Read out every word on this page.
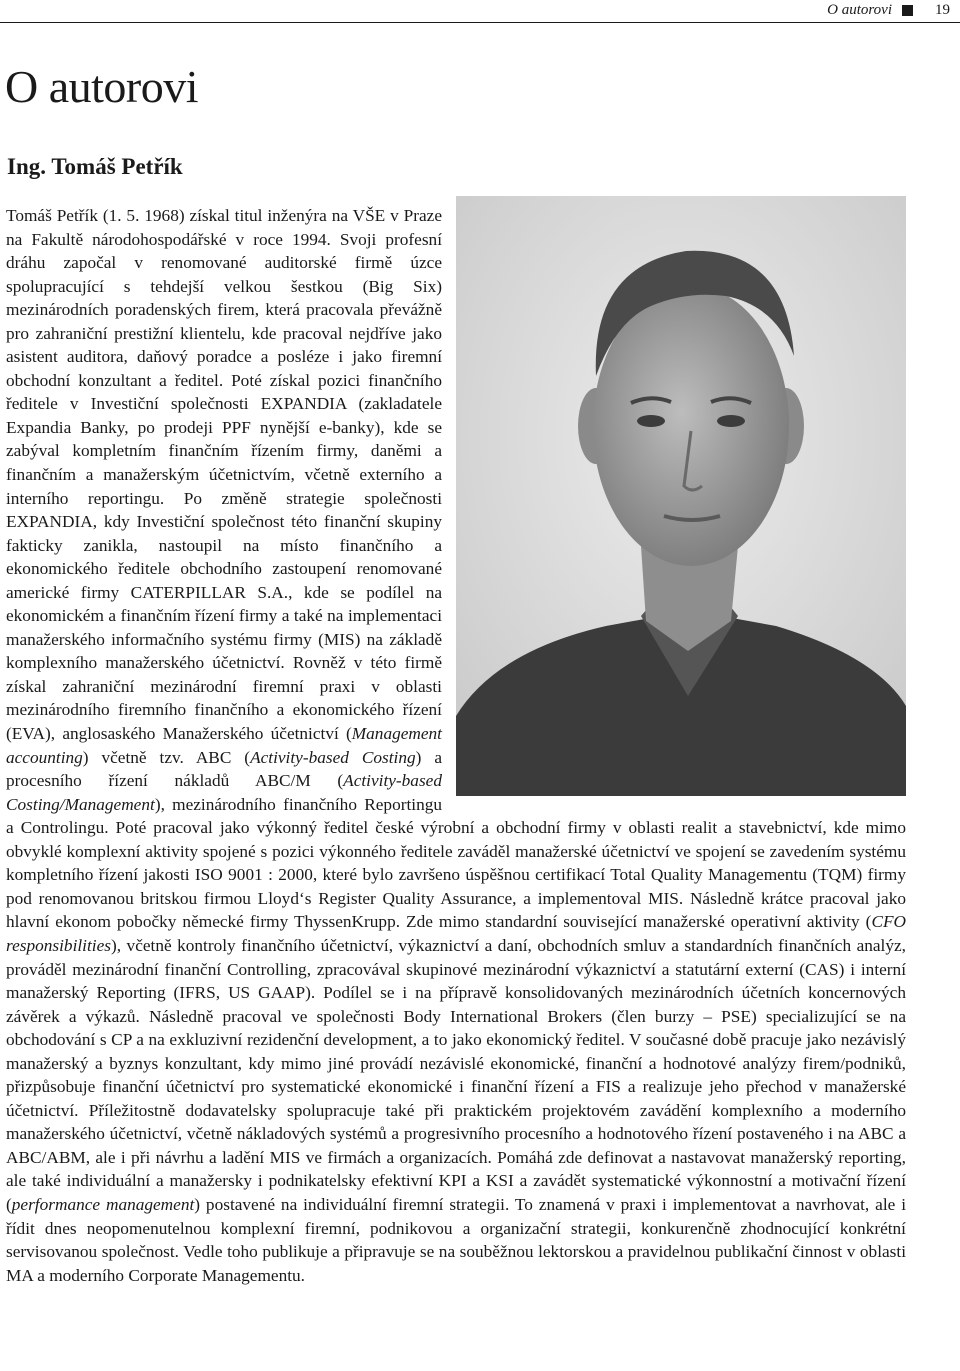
O autorovi	19
O autorovi
Ing. Tomáš Petřík

Tomáš Petřík (1. 5. 1968) získal titul inženýra na VŠE v Praze na Fakultě národohospodářské v roce 1994. Svoji profesní dráhu započal v renomované auditorské firmě úzce spolupracující s tehdejší velkou šestkou (Big Six) mezinárodních poradenských firem, která pracovala převážně pro zahraniční prestižní klientelu, kde pracoval nejdříve jako asistent auditora, daňový poradce a posléze i jako firemní obchodní konzultant a ředitel. Poté získal pozici finančního ředitele v Investiční společnosti EXPANDIA (zakladatele Expandia Banky, po prodeji PPF nynější e-banky), kde se zabýval kompletním finančním řízením firmy, daněmi a finančním a manažerským účetnictvím, včetně externího a interního reportingu. Po změně strategie společnosti EXPANDIA, kdy Investiční společnost této finanční skupiny fakticky zanikla, nastoupil na místo finančního a ekonomického ředitele obchodního zastoupení renomované americké firmy CATERPILLAR S.A., kde se podílel na ekonomickém a finančním řízení firmy a také na implementaci manažerského informačního systému firmy (MIS) na základě komplexního manažerského účetnictví. Rovněž v této firmě získal zahraniční mezinárodní firemní praxi v oblasti mezinárodního firemního finančního a ekonomického řízení (EVA), anglosaského Manažerského účetnictví (Management accounting) včetně tzv. ABC (Activity-based Costing) a procesního řízení nákladů ABC/M (Activity-based Costing/Management), mezinárodního finančního Reportingu a Controlingu. Poté pracoval jako výkonný ředitel české výrobní a obchodní firmy v oblasti realit a stavebnictví, kde mimo obvyklé komplexní aktivity spojené s pozici výkonného ředitele zaváděl manažerské účetnictví ve spojení se zavedením systému kompletního řízení jakosti ISO 9001 : 2000, které bylo završeno úspěšnou certifikací Total Quality Managementu (TQM) firmy pod renomovanou britskou firmou Lloyd‘s Register Quality Assurance, a implementoval MIS. Následně krátce pracoval jako hlavní ekonom pobočky německé firmy ThyssenKrupp. Zde mimo standardní související manažerské operativní aktivity (CFO responsibilities), včetně kontroly finančního účetnictví, výkaznictví a daní, obchodních smluv a standardních finančních analýz, prováděl mezinárodní finanční Controlling, zpracovával skupinové mezinárodní výkaznictví a statutární externí (CAS) i interní manažerský Reporting (IFRS, US GAAP). Podílel se i na přípravě konsolidovaných mezinárodních účetních koncernových závěrek a výkazů. Následně pracoval ve společnosti Body International Brokers (člen burzy – PSE) specializující se na obchodování s CP a na exkluzivní rezidenční development, a to jako ekonomický ředitel. V současné době pracuje jako nezávislý manažerský a byznys konzultant, kdy mimo jiné provádí nezávislé ekonomické, finanční a hodnotové analýzy firem/podniků, přizpůsobuje finanční účetnictví pro systematické ekonomické i finanční řízení a FIS a realizuje jeho přechod v manažerské účetnictví. Příležitostně dodavatelsky spolupracuje také při praktickém projektovém zavádění komplexního a moderního manažerského účetnictví, včetně nákladových systémů a progresivního procesního a hodnotového řízení postaveného i na ABC a ABC/ABM, ale i při návrhu a ladění MIS ve firmách a organizacích. Pomáhá zde definovat a nastavovat manažerský reporting, ale také individuální a manažersky i podnikatelsky efektivní KPI a KSI a zavádět systematické výkonnostní a motivační řízení (performance management) postavené na individuální firemní strategii. To znamená v praxi i implementovat a navrhovat, ale i řídit dnes neopomenutelnou komplexní firemní, podnikovou a organizační strategii, konkurenčně zhodnocující konkrétní servisovanou společnost. Vedle toho publikuje a připravuje se na souběžnou lektorskou a pravidelnou publikační činnost v oblasti MA a moderního Corporate Managementu.
